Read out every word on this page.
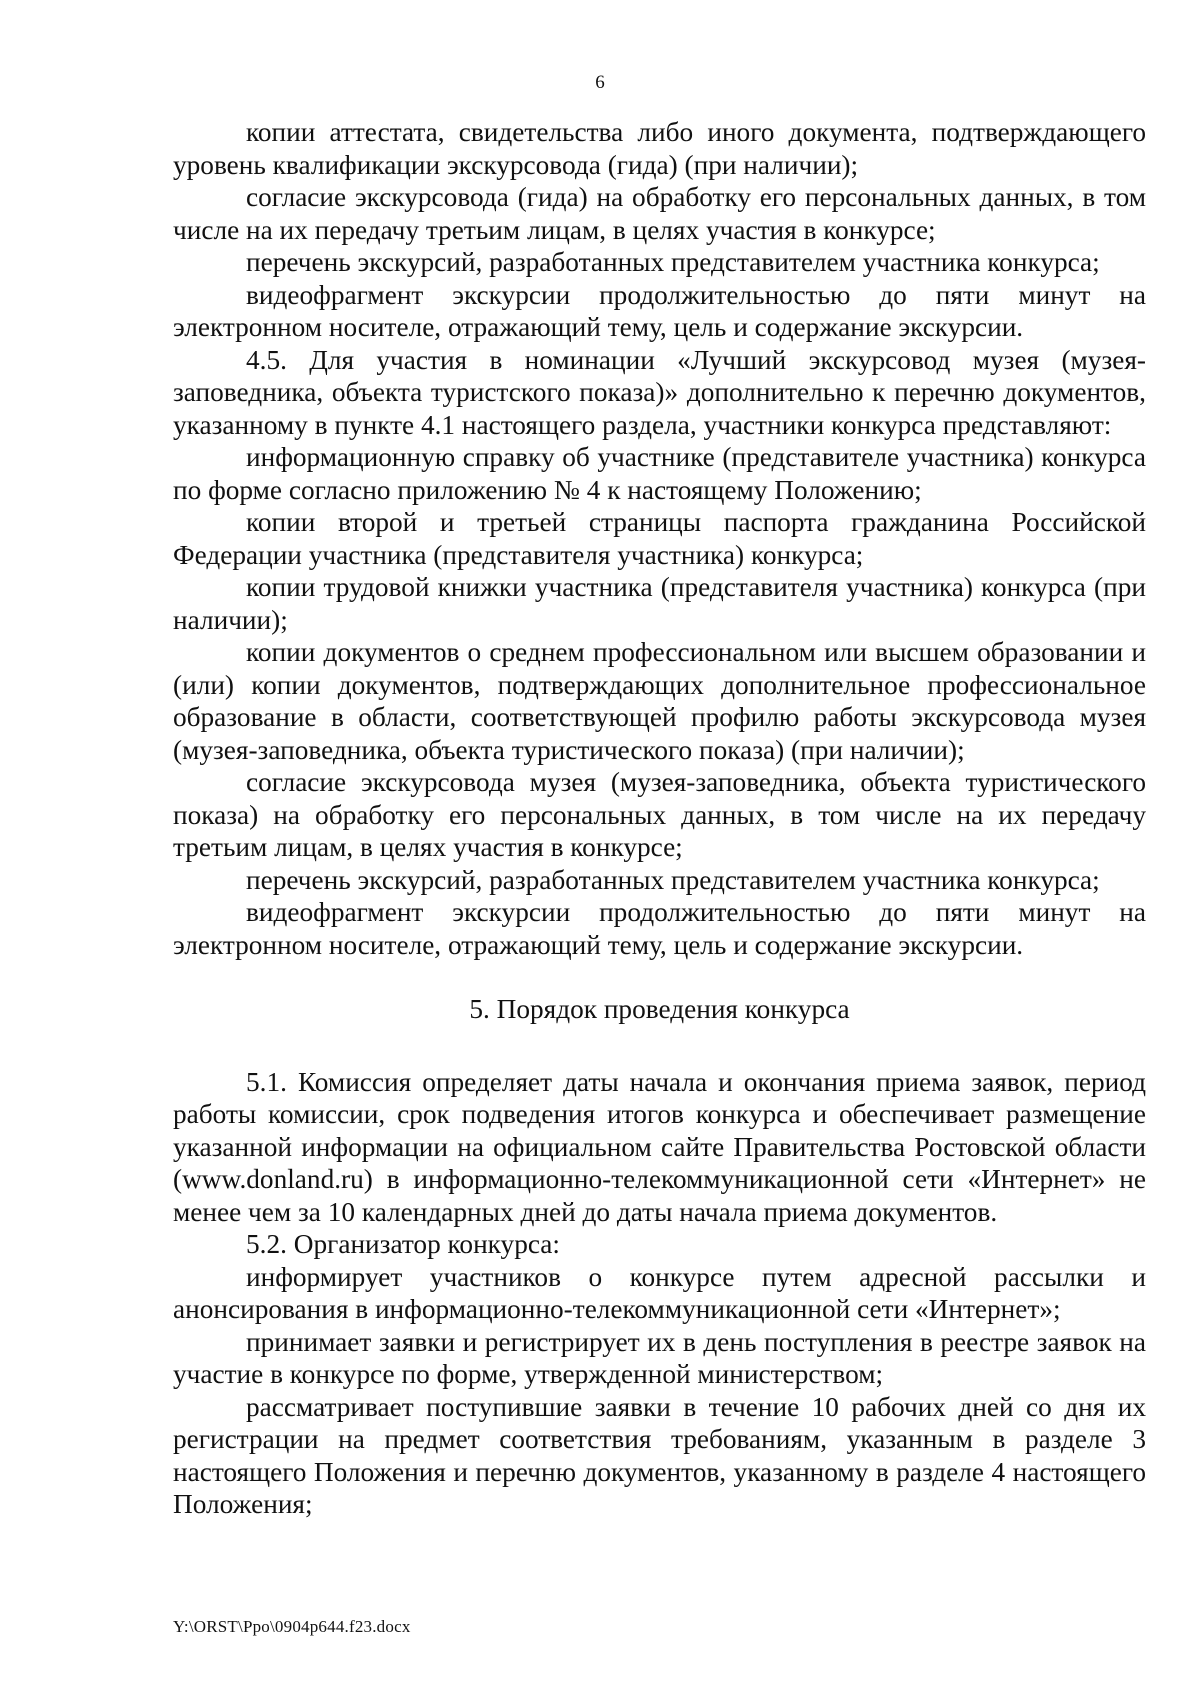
6

копии аттестата, свидетельства либо иного документа, подтверждающего уровень квалификации экскурсовода (гида) (при наличии);

согласие экскурсовода (гида) на обработку его персональных данных, в том числе на их передачу третьим лицам, в целях участия в конкурсе;

перечень экскурсий, разработанных представителем участника конкурса;

видеофрагмент экскурсии продолжительностью до пяти минут на электронном носителе, отражающий тему, цель и содержание экскурсии.

4.5. Для участия в номинации «Лучший экскурсовод музея (музея-заповедника, объекта туристского показа)» дополнительно к перечню документов, указанному в пункте 4.1 настоящего раздела, участники конкурса представляют:

информационную справку об участнике (представителе участника) конкурса по форме согласно приложению № 4 к настоящему Положению;

копии второй и третьей страницы паспорта гражданина Российской Федерации участника (представителя участника) конкурса;

копии трудовой книжки участника (представителя участника) конкурса (при наличии);

копии документов о среднем профессиональном или высшем образовании и (или) копии документов, подтверждающих дополнительное профессиональное образование в области, соответствующей профилю работы экскурсовода музея (музея-заповедника, объекта туристического показа) (при наличии);

согласие экскурсовода музея (музея-заповедника, объекта туристического показа) на обработку его персональных данных, в том числе на их передачу третьим лицам, в целях участия в конкурсе;

перечень экскурсий, разработанных представителем участника конкурса;

видеофрагмент экскурсии продолжительностью до пяти минут на электронном носителе, отражающий тему, цель и содержание экскурсии.

5. Порядок проведения конкурса

5.1. Комиссия определяет даты начала и окончания приема заявок, период работы комиссии, срок подведения итогов конкурса и обеспечивает размещение указанной информации на официальном сайте Правительства Ростовской области (www.donland.ru) в информационно-телекоммуникационной сети «Интернет» не менее чем за 10 календарных дней до даты начала приема документов.

5.2. Организатор конкурса:

информирует участников о конкурсе путем адресной рассылки и анонсирования в информационно-телекоммуникационной сети «Интернет»;

принимает заявки и регистрирует их в день поступления в реестре заявок на участие в конкурсе по форме, утвержденной министерством;

рассматривает поступившие заявки в течение 10 рабочих дней со дня их регистрации на предмет соответствия требованиям, указанным в разделе 3 настоящего Положения и перечню документов, указанному в разделе 4 настоящего Положения;

Y:\ORST\Ppo\0904p644.f23.docx
